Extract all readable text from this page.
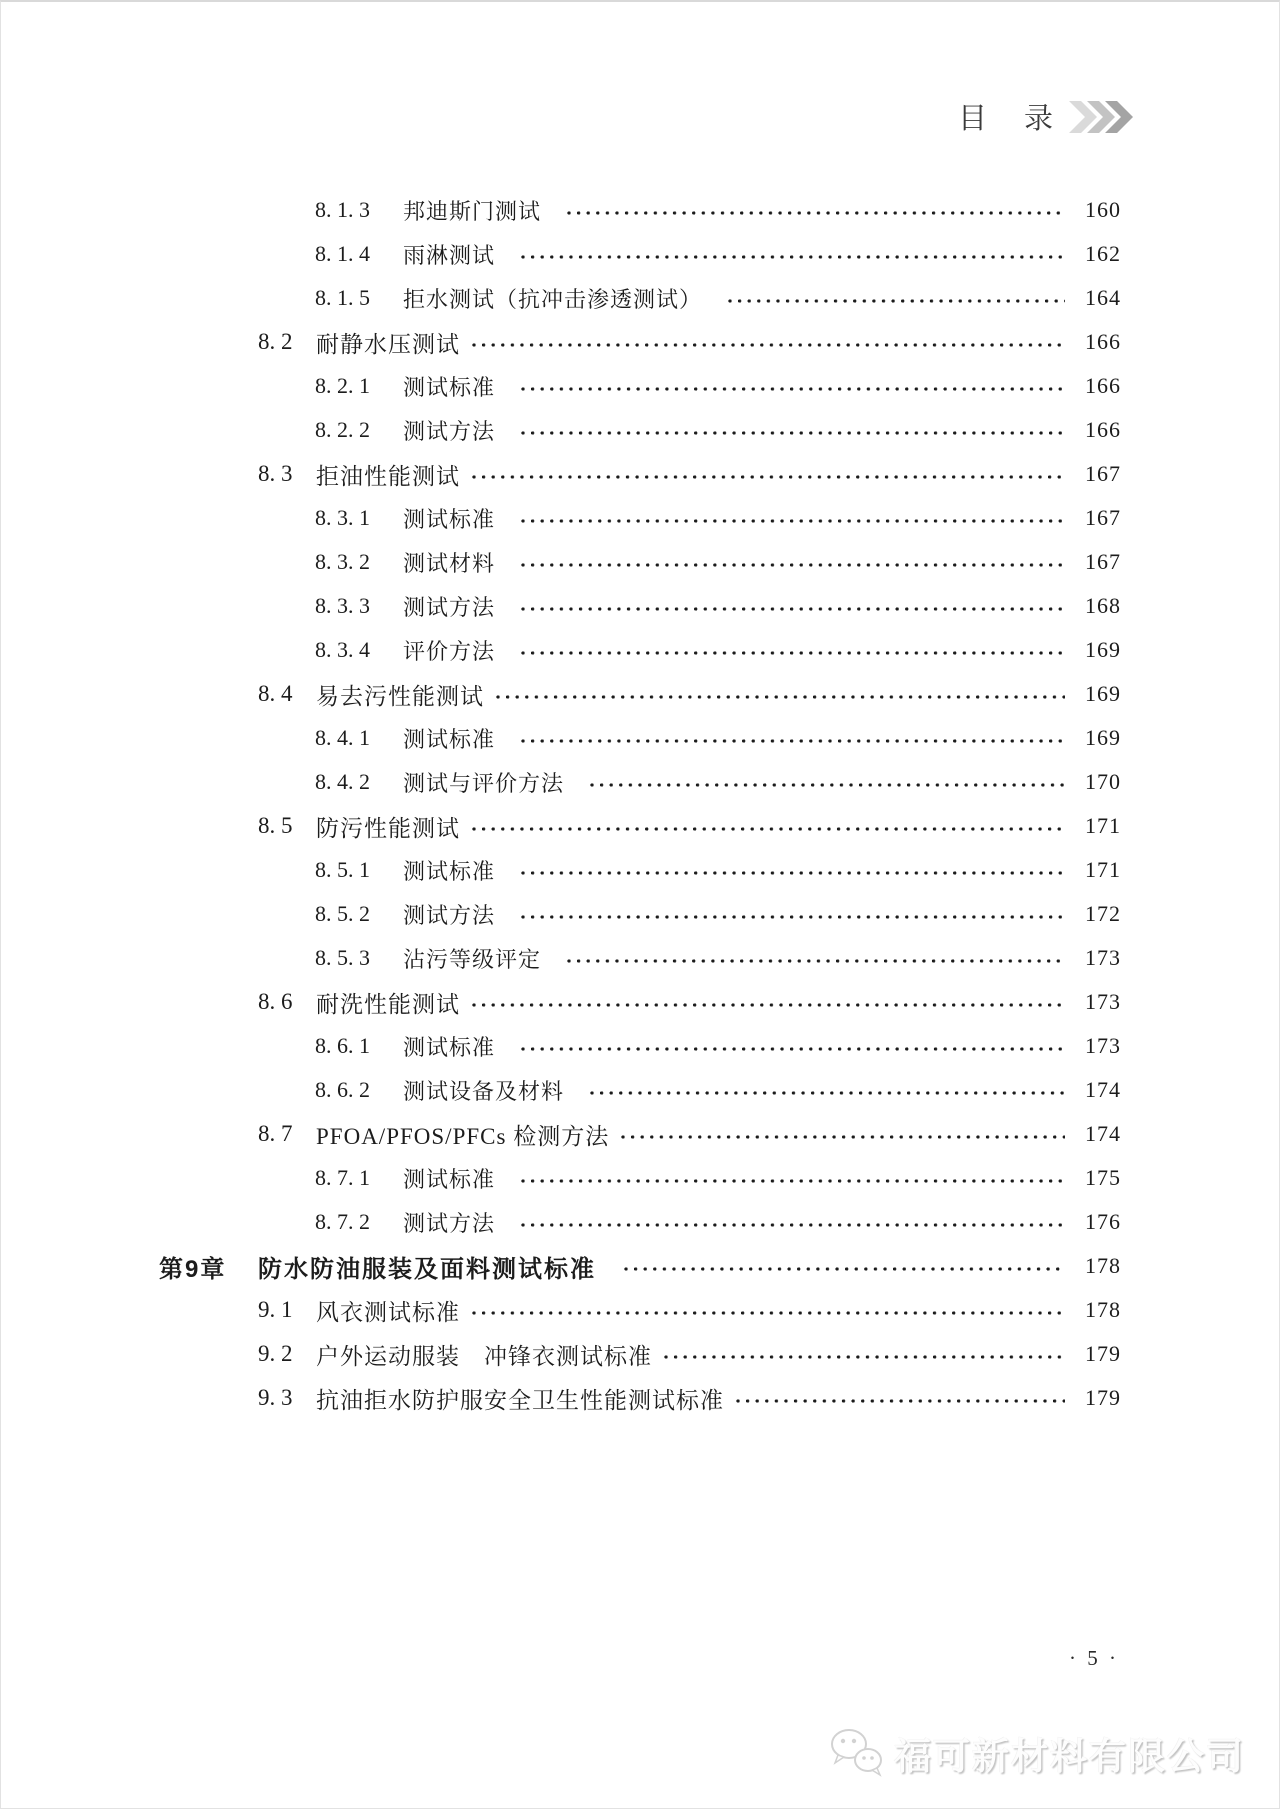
目　录
8. 1. 3	邦迪斯门测试	160
8. 1. 4	雨淋测试	162
8. 1. 5	拒水测试（抗冲击渗透测试）	164
8. 2	耐静水压测试	166
8. 2. 1	测试标准	166
8. 2. 2	测试方法	166
8. 3	拒油性能测试	167
8. 3. 1	测试标准	167
8. 3. 2	测试材料	167
8. 3. 3	测试方法	168
8. 3. 4	评价方法	169
8. 4	易去污性能测试	169
8. 4. 1	测试标准	169
8. 4. 2	测试与评价方法	170
8. 5	防污性能测试	171
8. 5. 1	测试标准	171
8. 5. 2	测试方法	172
8. 5. 3	沾污等级评定	173
8. 6	耐洗性能测试	173
8. 6. 1	测试标准	173
8. 6. 2	测试设备及材料	174
8. 7	PFOA/PFOS/PFCs 检测方法	174
8. 7. 1	测试标准	175
8. 7. 2	测试方法	176
第9章	防水防油服装及面料测试标准	178
9. 1	风衣测试标准	178
9. 2	户外运动服装　冲锋衣测试标准	179
9. 3	抗油拒水防护服安全卫生性能测试标准	179
· 5 ·
福可新材料有限公司
